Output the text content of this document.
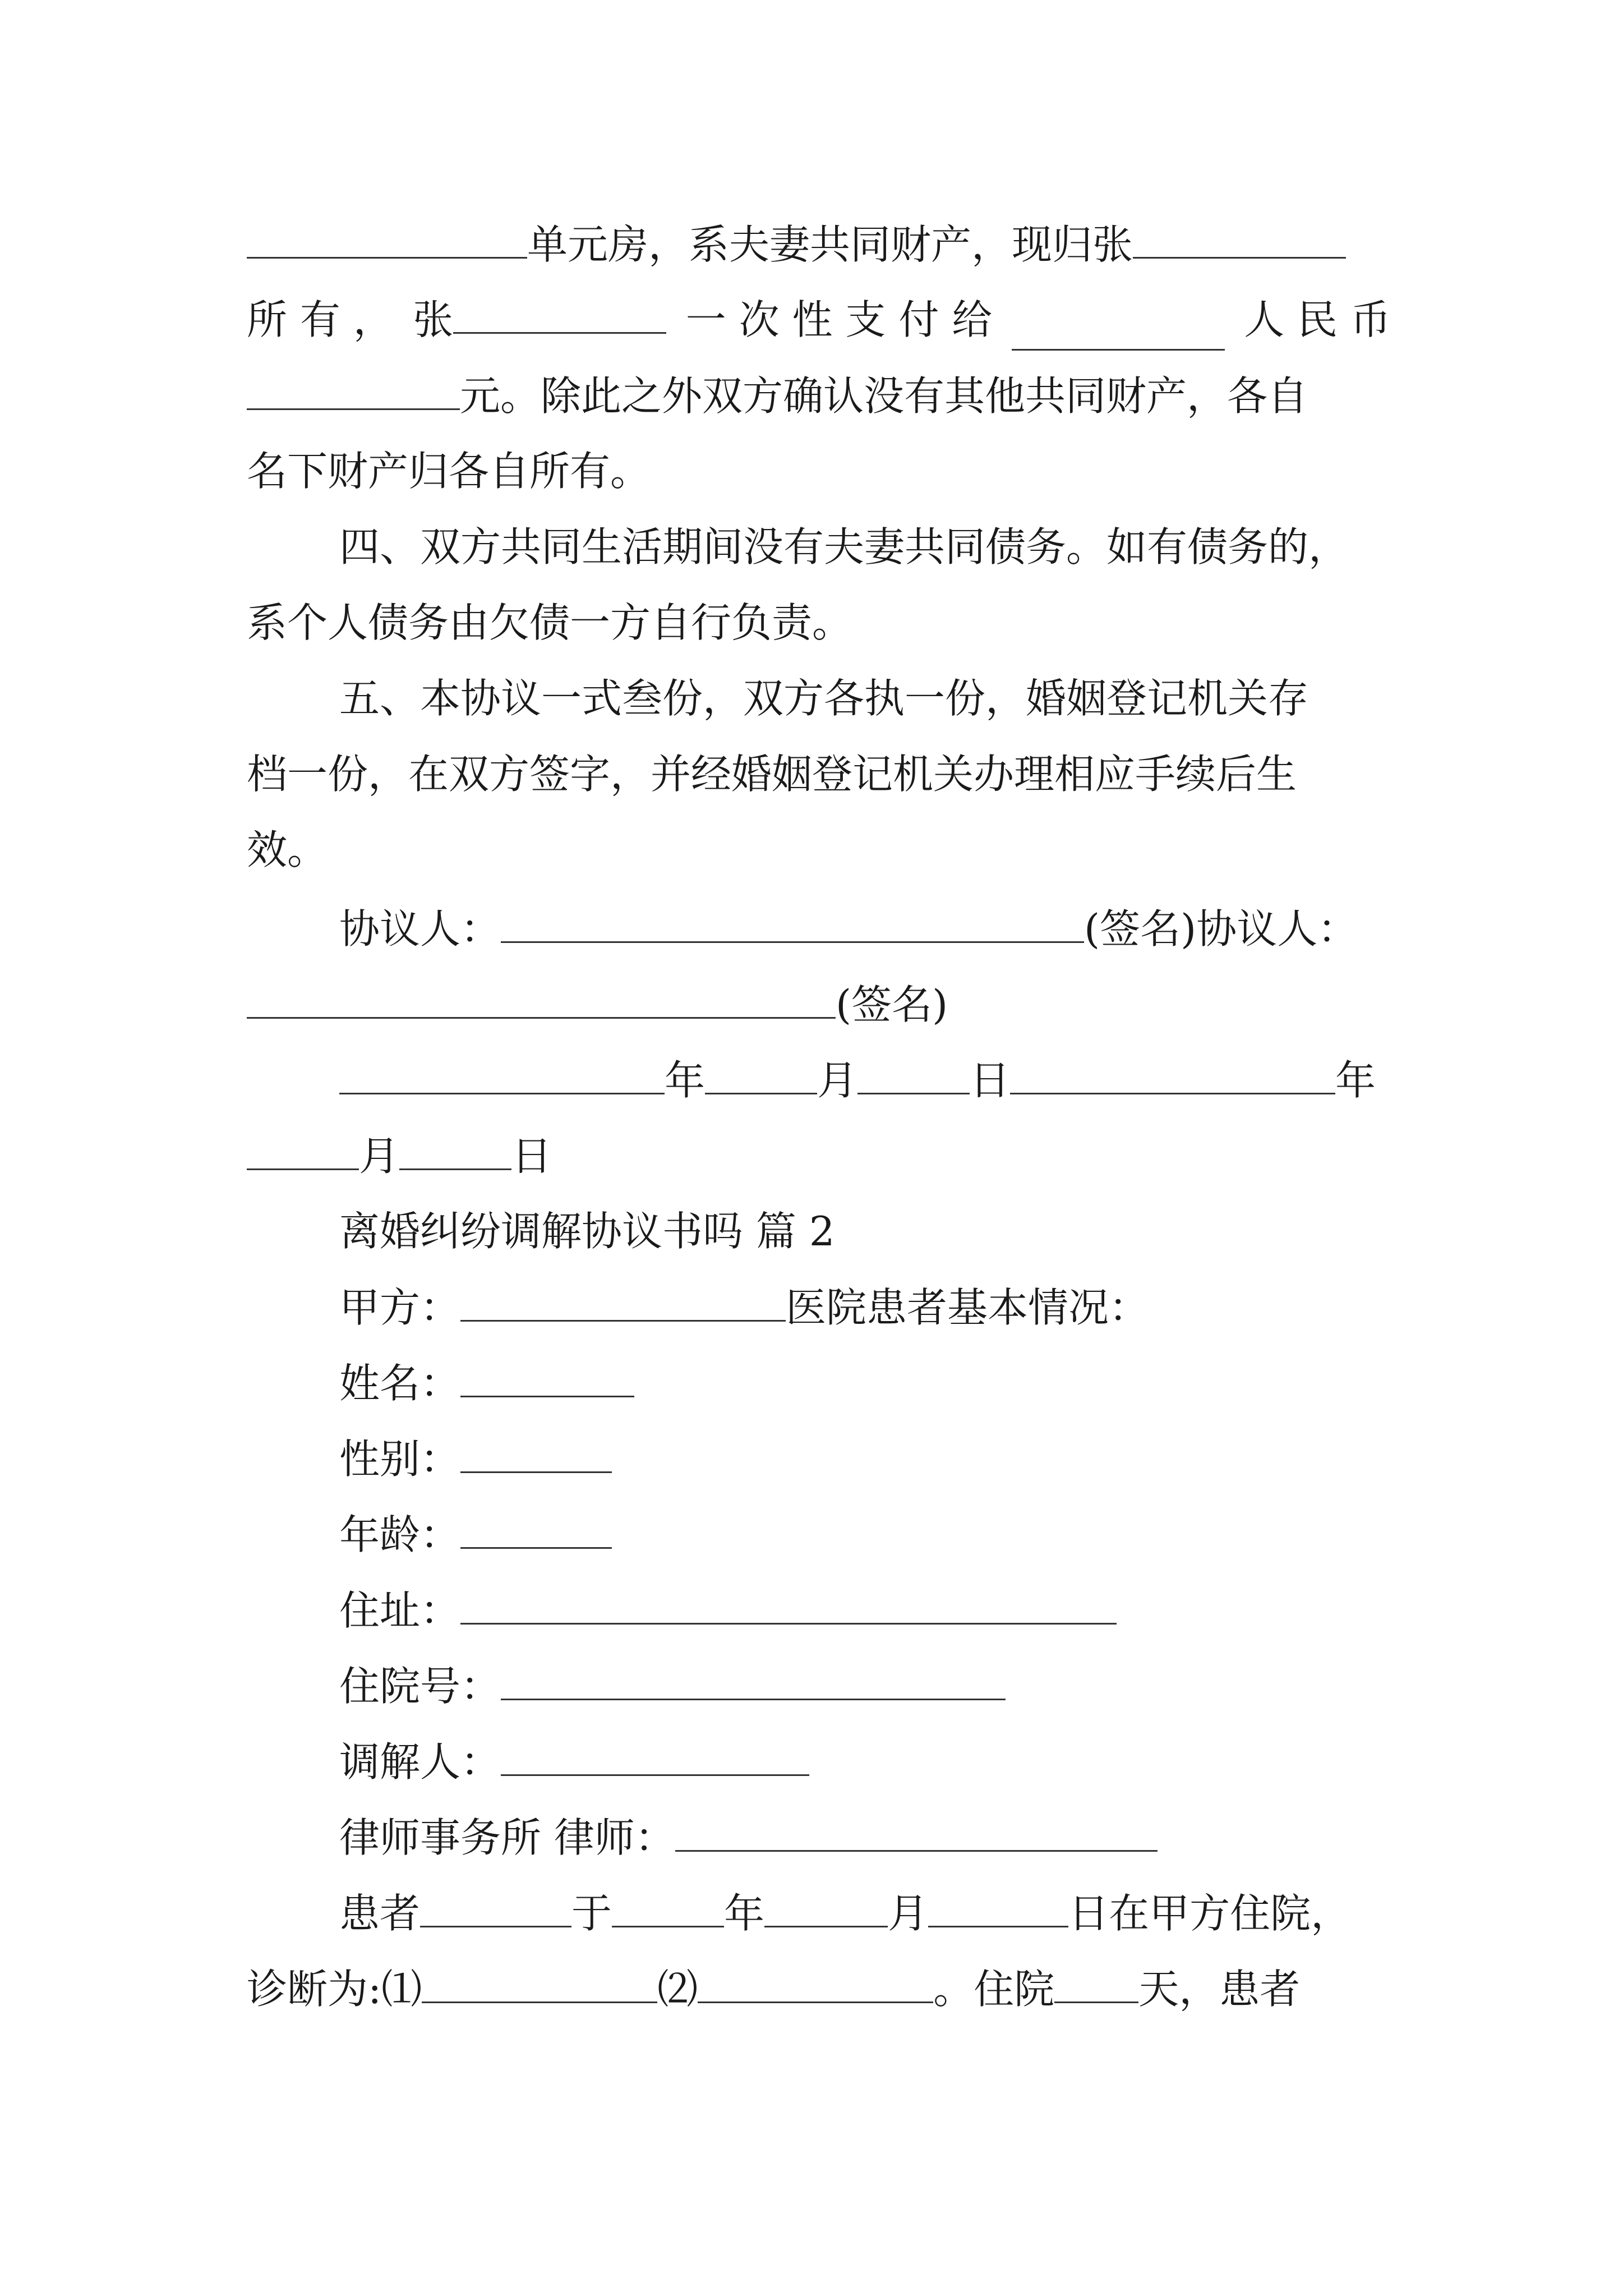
单元房，系夫妻共同财产，现归张
所 有 ， 张	一 次 性 支 付 给	人 民 币
元。除此之外双方确认没有其他共同财产，各自
名下财产归各自所有。
四、双方共同生活期间没有夫妻共同债务。如有债务的，
系个人债务由欠债一方自行负责。
五、本协议一式叁份，双方各执一份，婚姻登记机关存
档一份，在双方签字，并经婚姻登记机关办理相应手续后生
效。
协议人：	(签名)协议人：
(签名)
年	月	日	年
月	日
离婚纠纷调解协议书吗 篇 2
甲方：	医院患者基本情况：
姓名：
性别：
年龄：
住址：
住院号：
调解人：
律师事务所 律师：
患者	于	年	月	日在甲方住院，
诊断为:⑴	⑵	。住院 天，患者
